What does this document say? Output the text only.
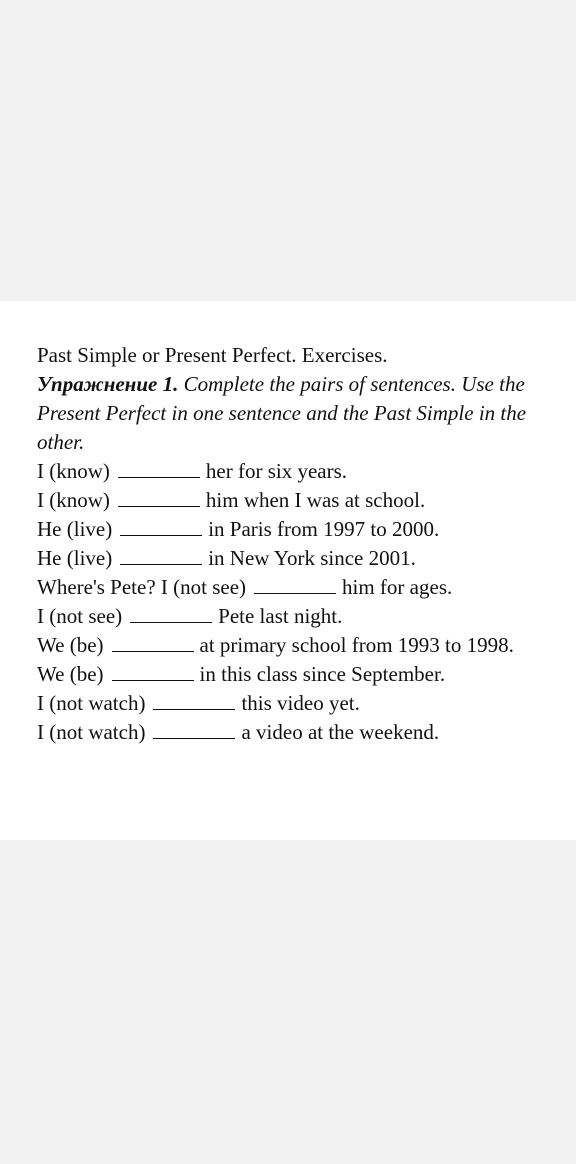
Past Simple or Present Perfect. Exercises.
Упражнение 1. Complete the pairs of sentences. Use the
Present Perfect in one sentence and the Past Simple in the
other.
I (know)	her for six years.
I (know)	him when I was at school.
He (live)	in Paris from 1997 to 2000.
He (live)	in New York since 2001.
Where's Pete? I (not see)	him for ages.
I (not see)	Pete last night.
We (be)	at primary school from 1993 to 1998.
We (be)	in this class since September.
I (not watch)	this video yet.
I (not watch)	a video at the weekend.
